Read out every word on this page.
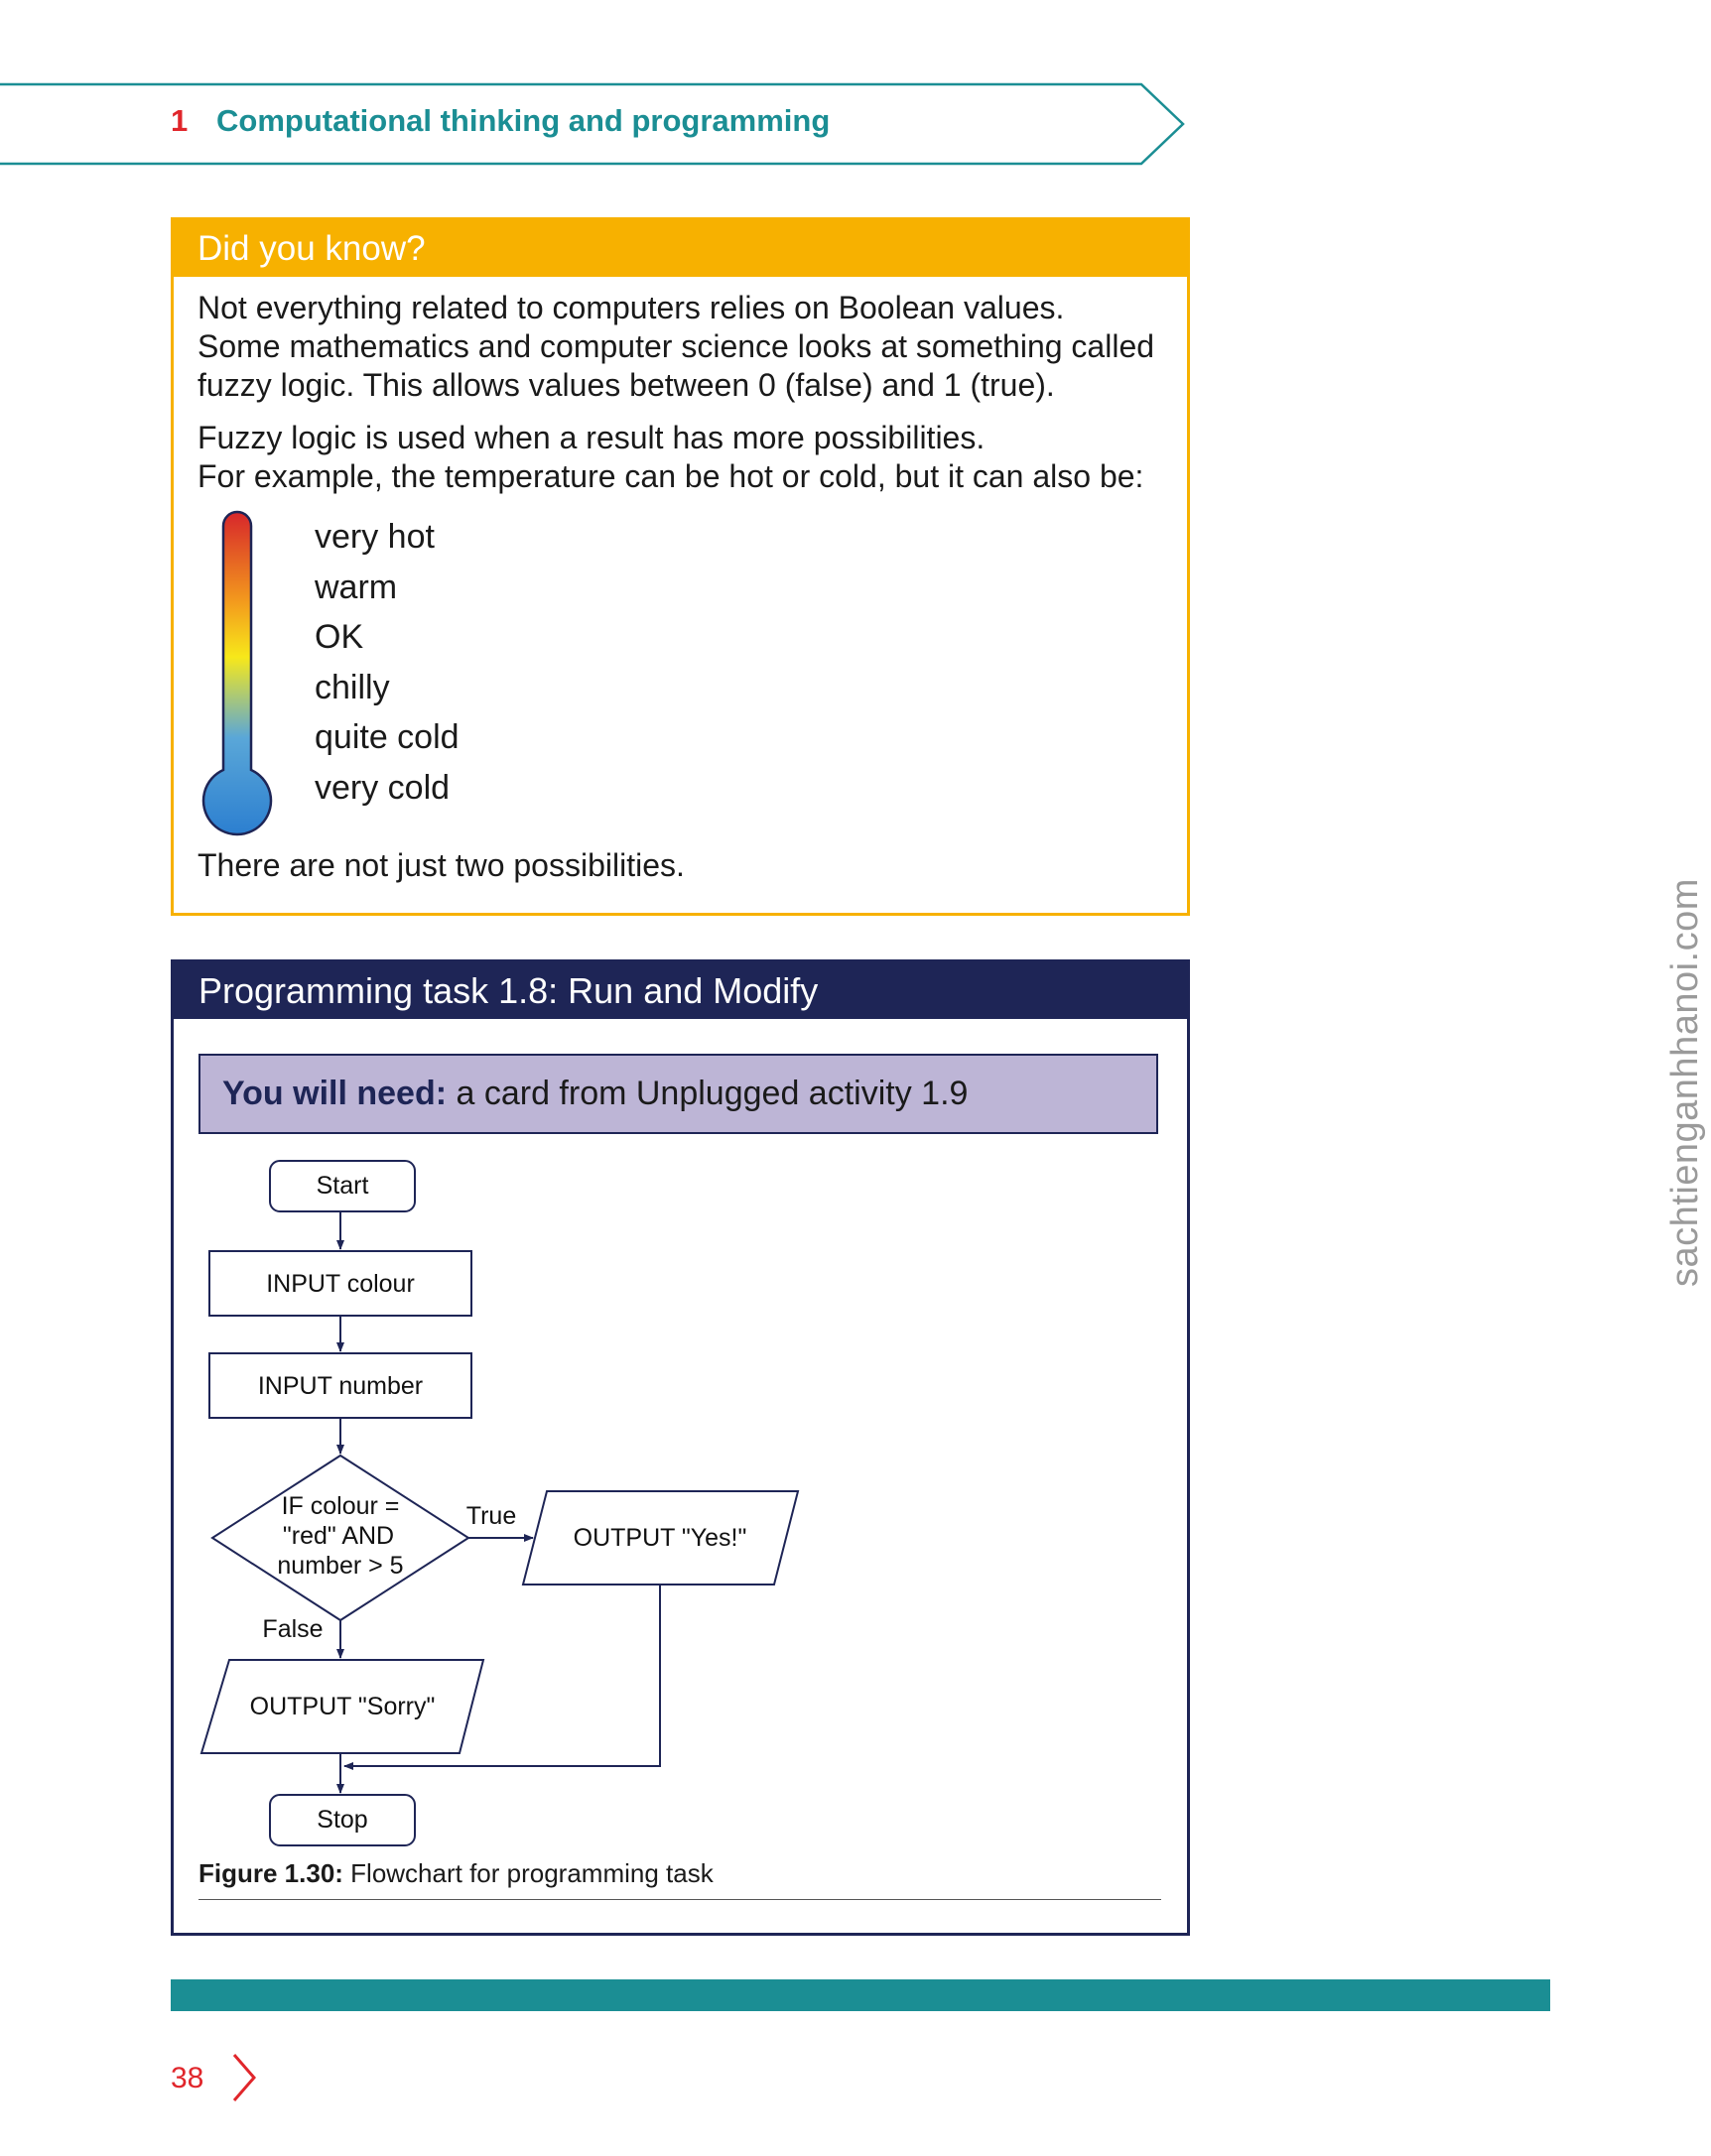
1 Computational thinking and programming
Did you know?

Not everything related to computers relies on Boolean values.

Some mathematics and computer science looks at something called

fuzzy logic. This allows values between 0 (false) and 1 (true).

Fuzzy logic is used when a result has more possibilities.

For example, the temperature can be hot or cold, but it can also be:

very hot
warm
OK
chilly
quite cold
very cold

There are not just two possibilities.

Programming task 1.8: Run and Modify
You will need: a card from Unplugged activity 1.9
Start
INPUT colour
INPUT number
IF colour =
"red" AND
number > 5
True
False
OUTPUT "Yes!"
OUTPUT "Sorry"
Stop
Figure 1.30: Flowchart for programming task
38
sachtienganhhanoi.com
